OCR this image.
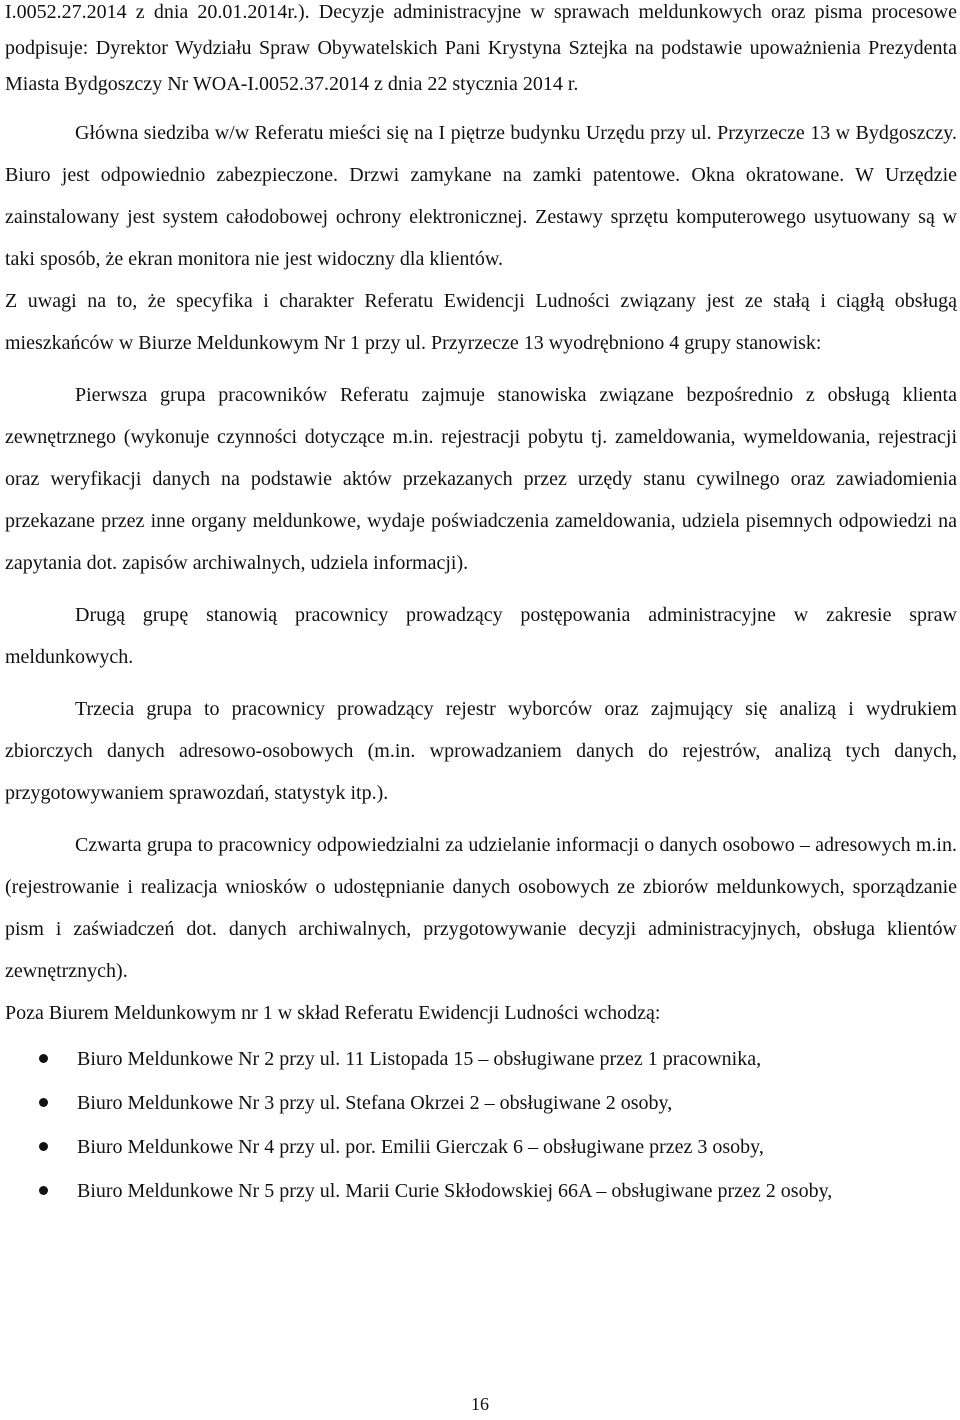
I.0052.27.2014 z dnia 20.01.2014r.). Decyzje administracyjne w sprawach meldunkowych oraz pisma procesowe podpisuje: Dyrektor Wydziału Spraw Obywatelskich Pani Krystyna Sztejka na podstawie upoważnienia Prezydenta Miasta Bydgoszczy Nr WOA-I.0052.37.2014 z dnia 22 stycznia 2014 r.

Główna siedziba w/w Referatu mieści się na I piętrze budynku Urzędu przy ul. Przyrzecze 13 w Bydgoszczy. Biuro jest odpowiednio zabezpieczone. Drzwi zamykane na zamki patentowe. Okna okratowane. W Urzędzie zainstalowany jest system całodobowej ochrony elektronicznej. Zestawy sprzętu komputerowego usytuowany są w taki sposób, że ekran monitora nie jest widoczny dla klientów.

Z uwagi na to, że specyfika i charakter Referatu Ewidencji Ludności związany jest ze stałą i ciągłą obsługą mieszkańców w Biurze Meldunkowym Nr 1 przy ul. Przyrzecze 13 wyodrębniono 4 grupy stanowisk:

Pierwsza grupa pracowników Referatu zajmuje stanowiska związane bezpośrednio z obsługą klienta zewnętrznego (wykonuje czynności dotyczące m.in. rejestracji pobytu tj. zameldowania, wymeldowania, rejestracji oraz weryfikacji danych na podstawie aktów przekazanych przez urzędy stanu cywilnego oraz zawiadomienia przekazane przez inne organy meldunkowe, wydaje poświadczenia zameldowania, udziela pisemnych odpowiedzi na zapytania dot. zapisów archiwalnych, udziela informacji).

Drugą grupę stanowią pracownicy prowadzący postępowania administracyjne w zakresie spraw meldunkowych.

Trzecia grupa to pracownicy prowadzący rejestr wyborców oraz zajmujący się analizą i wydrukiem zbiorczych danych adresowo-osobowych (m.in. wprowadzaniem danych do rejestrów, analizą tych danych, przygotowywaniem sprawozdań, statystyk itp.).

Czwarta grupa to pracownicy odpowiedzialni za udzielanie informacji o danych osobowo – adresowych m.in. (rejestrowanie i realizacja wniosków o udostępnianie danych osobowych ze zbiorów meldunkowych, sporządzanie pism i zaświadczeń dot. danych archiwalnych, przygotowywanie decyzji administracyjnych, obsługa klientów zewnętrznych).

Poza Biurem Meldunkowym nr 1 w skład Referatu Ewidencji Ludności wchodzą:

Biuro Meldunkowe Nr 2 przy ul. 11 Listopada 15 – obsługiwane przez 1 pracownika,
Biuro Meldunkowe Nr 3 przy ul. Stefana Okrzei 2 – obsługiwane 2 osoby,
Biuro Meldunkowe Nr 4 przy ul. por. Emilii Gierczak 6 – obsługiwane przez 3 osoby,
Biuro Meldunkowe Nr 5 przy ul. Marii Curie Skłodowskiej 66A – obsługiwane przez 2 osoby,
16
